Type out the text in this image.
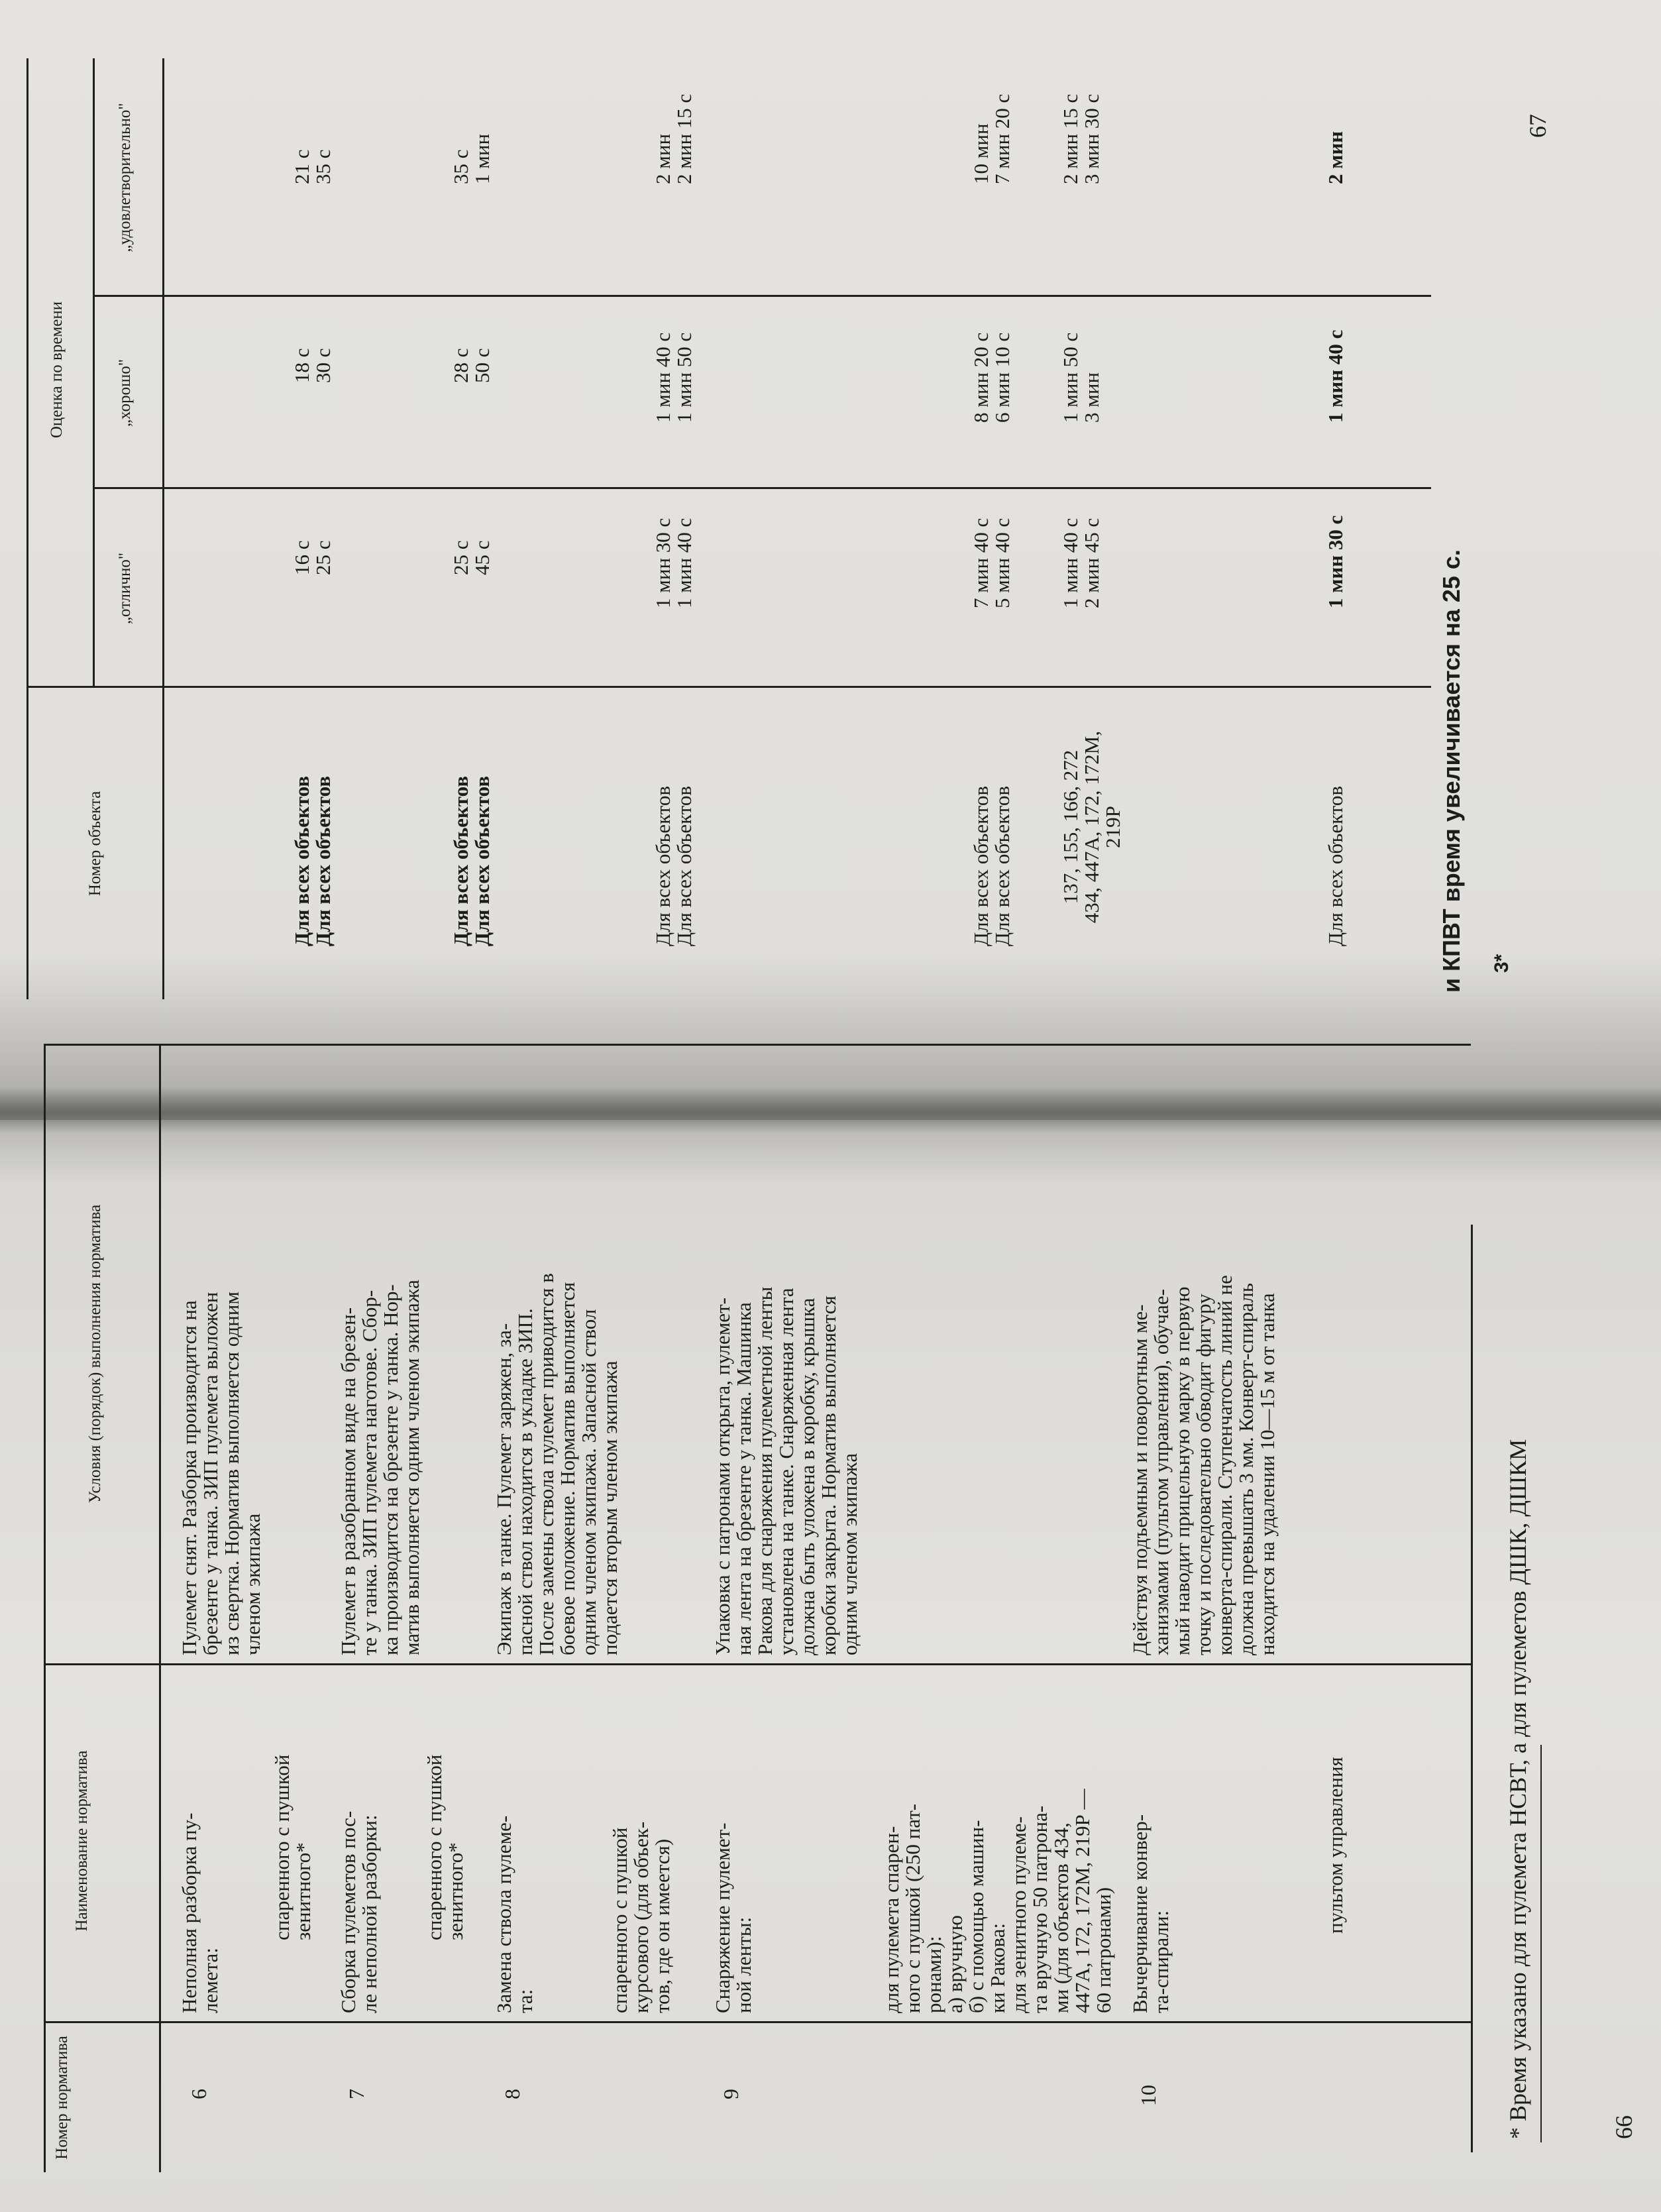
Номер норматива
Наименование норматива
Условия (порядок) выполнения норматива
6
Неполная разборка пу-
лемета:
спаренного с пушкой
зенитного*
Пулемет снят. Разборка производится на
брезенте у танка. ЗИП пулемета выложен
из свертка. Норматив выполняется одним
членом экипажа
7
Сборка пулеметов пос-
ле неполной разборки: спаренного с пушкой
зенитного*
Пулемет в разобранном виде на брезен-
те у танка. ЗИП пулемета наготове. Сбор-
ка производится на брезенте у танка. Нор-
матив выполняется одним членом экипажа
8
Замена ствола пулеме-
та:	спаренного с пушкой
курсового (для объек-
тов, где он имеется)
Экипаж в танке. Пулемет заряжен, за-
пасной ствол находится в укладке ЗИП.
После замены ствола пулемет приводится в
боевое положение. Норматив выполняется
одним членом экипажа. Запасной ствол
подается вторым членом экипажа
9
Снаряжение пулемет-
ной ленты:
для пулемета спарен-
ного с пушкой (250 пат-
ронами):
а) вручную
б) с помощью машин-
ки Ракова:
для зенитного пулеме-
та вручную 50 патрона-
ми (для объектов 434,
447А, 172, 172М, 219Р —
60 патронами)
Упаковка с патронами открыта, пулемет-
ная лента на брезенте у танка. Машинка
Ракова для снаряжения пулеметной ленты
установлена на танке. Снаряженная лента
должна быть уложена в коробку, крышка
коробки закрыта. Норматив выполняется
одним членом экипажа
10
Вычерчивание конвер-
та-спирали:
пультом управления
Действуя подъемным и поворотным ме-
ханизмами (пультом управления), обучае-
мый наводит прицельную марку в первую
точку и последовательно обводит фигуру
конверта-спирали. Ступенчатость линий не
должна превышать 3 мм. Конверт-спираль
находится на удалении 10—15 м от танка
* Время указано для пулемета НСВТ, а для пулеметов ДШК, ДШКМ	66
Номер объекта
Оценка по времени
„отлично"
„хорошо"
„удовлетворительно"
Для всех объектов
Для всех объектов
16 с
25 с
18 с
30 с
21 с
35 с
Для всех объектов
Для всех объектов
25 с
45 с
28 с
50 с
35 с
1 мин
Для всех объектов
Для всех объектов
1 мин 30 с
1 мин 40 с
1 мин 40 с
1 мин 50 с
2 мин
2 мин 15 с
Для всех объектов
Для всех объектов
7 мин 40 с
5 мин 40 с
8 мин 20 с
6 мин 10 с
10 мин
7 мин 20 с
137, 155, 166, 272
434, 447А, 172, 172М,
219Р
1 мин 40 с
2 мин 45 с
1 мин 50 с
3 мин
2 мин 15 с
3 мин 30 с
Для всех объектов
1 мин 30 с
1 мин 40 с
2 мин
и КПВТ время увеличивается на 25 с. 3*
67
